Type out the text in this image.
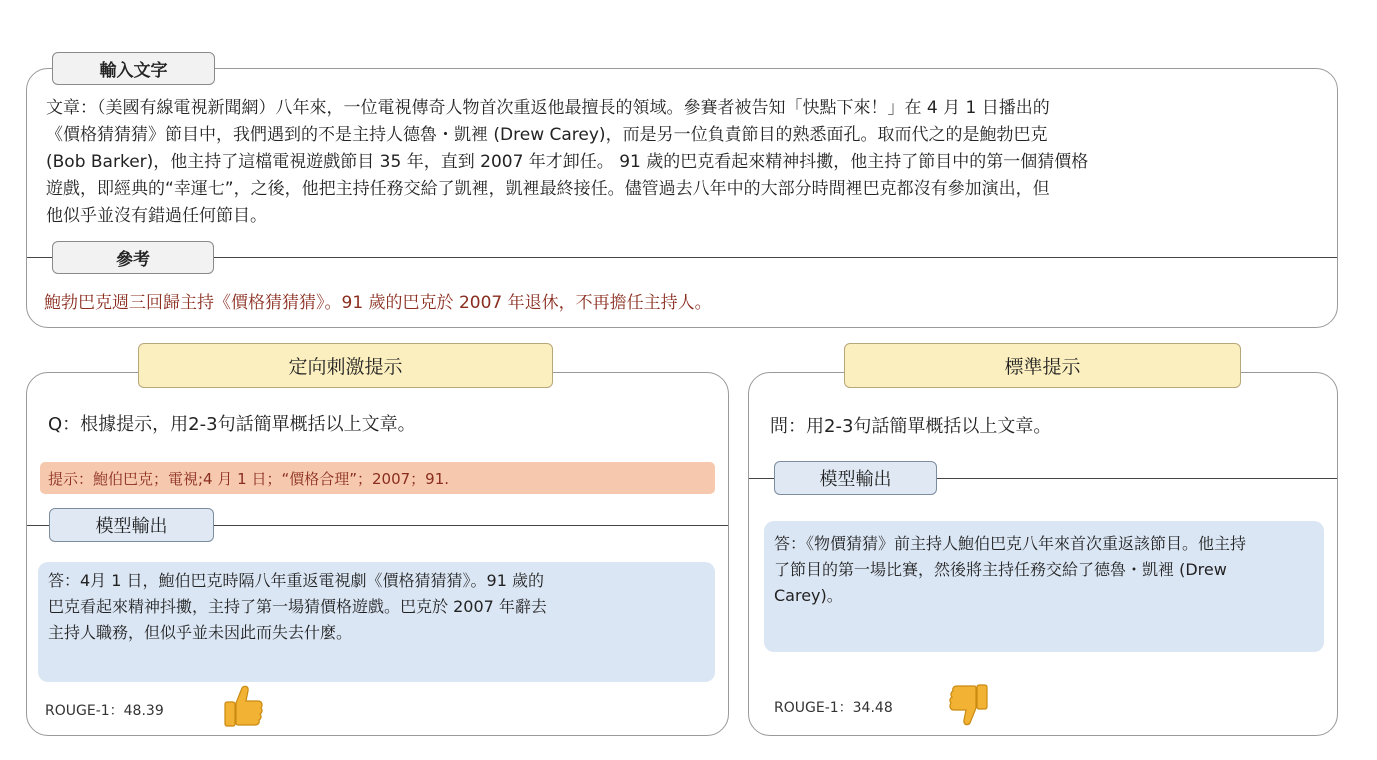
輸入文字
文章：（美國有線電視新聞網）八年來，一位電視傳奇人物首次重返他最擅長的領域。參賽者被告知「快點下來！」在 4 月 1 日播出的
《價格猜猜猜》節目中，我們遇到的不是主持人德魯・凱裡 (Drew Carey)，而是另一位負責節目的熟悉面孔。取而代之的是鮑勃巴克
(Bob Barker)，他主持了這檔電視遊戲節目 35 年，直到 2007 年才卸任。 91 歲的巴克看起來精神抖擻，他主持了節目中的第一個猜價格
遊戲，即經典的“幸運七”，之後，他把主持任務交給了凱裡，凱裡最終接任。儘管過去八年中的大部分時間裡巴克都沒有參加演出，但
他似乎並沒有錯過任何節目。
參考
鮑勃巴克週三回歸主持《價格猜猜猜》。91 歲的巴克於 2007 年退休，不再擔任主持人。
定向刺激提示
Q：根據提示，用2-3句話簡單概括以上文章。
提示：鮑伯巴克；電視;4 月 1 日；“價格合理”；2007；91.
模型輸出
答：4月 1 日，鮑伯巴克時隔八年重返電視劇《價格猜猜猜》。91 歲的
巴克看起來精神抖擻，主持了第一場猜價格遊戲。巴克於 2007 年辭去
主持人職務，但似乎並未因此而失去什麼。
ROUGE-1：48.39
標準提示
問：用2-3句話簡單概括以上文章。
模型輸出
答：《物價猜猜》前主持人鮑伯巴克八年來首次重返該節目。他主持
了節目的第一場比賽，然後將主持任務交給了德魯・凱裡 (Drew
Carey)。
ROUGE-1：34.48
